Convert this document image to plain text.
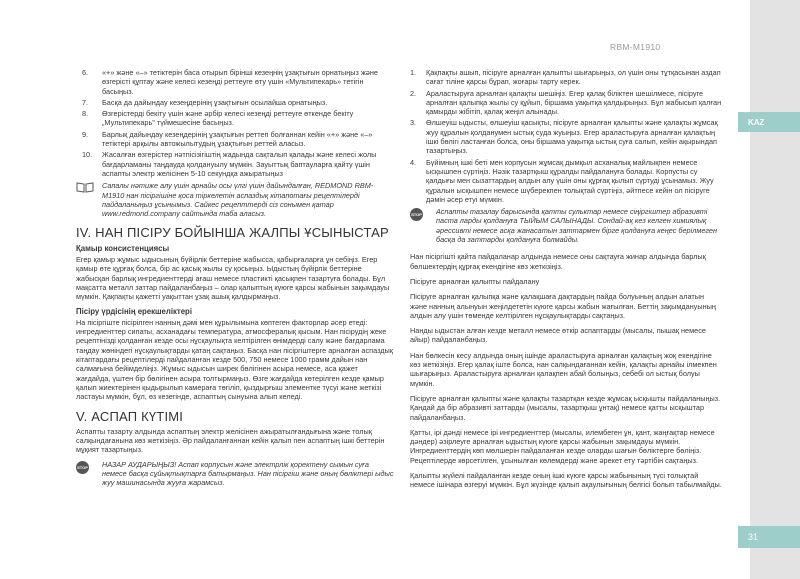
RBM-M1910
KAZ
31
6. «+» және «–» тетіктерін баса отырып бірінші кезеңнің ұзақтығын орнатыңыз және өзгерісті құптау және келесі кезеңді реттеуге өту үшін «Мультипекарь» тетігін басыңыз.
7. Басқа да дайындау кезеңдерінің ұзақтығын осылайша орнатыңыз.
8. Өзгерістерді бекіту үшін және әрбір келесі кезеңді реттеуге өткенде бекіту „Мультипекарь" түймешесіне басыңыз.
9. Барлық дайындау кезеңдерінің ұзақтығын реттеп болғаннан кейін «+» және «–» тетіктері арқылы автожылытудың ұзақтығын реттей аласыз.
10. Жасалған өзгерістер нәтпісізігіштің жадында сақталып қалады және келесі жолы бағдарламаны таңдауда қолдануылу мүмкін. Зауыттық баптауларға қайту үшін аспапты электр желісінен 5-10 секундқа ажыратыңыз
Сапалы нәтиже алу үшін арнайы осы үлгі үшін дайындалған, REDMOND RBM-M1910 нан пісіргішіне қоса тіркелетін аспаздық кітапотағы рецептілерді пайдаланыңыз ұсынымыз. Сайкес рецепттерді сіз сонымен қатар www.redmond.company сайтында таба аласыз.
IV. НАН ПІСІРУ БОЙЫНША ЖАЛПЫ ҰСЫНЫСТАР
Қамыр консистенциясы

Егер қамыр жұмыс ыдысының бүйірлік беттеріне жабысса, қабырғаларға ұн себіңіз. Егер қамыр өте құрғақ болса, бір ас қасық жылы су қосыңыз. Ыдыстың бүйірлік беттеріне жабысқан барлық ингредиенттерді ағаш немесе пластикті қасықпен тазартуға болады. Бұл мақсатта металл заттар пайдаланбаңыз – олар қалыптың күюге қарсы жабынын зақымдауы мүмкін. Қақпақты қажетті уақыттан ұзақ ашық қалдырмаңыз.

Пісіру үрдісінің ерекшеліктері

На пісіргіште пісірілген нанның дәмі мен құрылымына көптеген факторлар әсер етеді: ингредиенттер сипаты, асханадағы температура, атмосфералық қысым. Нан пісірудің жеке рецептінізді қолданған кезде осы нұсқаулықта келтірілген өнімдерді салу және бағдарлама таңдау жөніндегі нұсқаулықтарды қатаң сақтаңыз. Басқа нан пісіргіштерге арналған аспаздық кітаптардағы рецептілерді пайдаланған кезде 500, 750 немесе 1000 грамм дайын нан салмағына бейімделіңіз. Жұмыс ыдысын ширек бөлігінен асыра немесе, аса қажет жағдайда, үштен бір бөлігінен асыра толтырмаңыз. Өзге жағдайда көтерілген кезде қамыр қалып жиектерінен қыдырылып камераға төгіліп, қыздырғыш элементке түсуі және жеткізі ластауы мүмкін, бұл, өз кезегінде, аспаптың сынуына алып келеді.

V. АСПАП КҮТІМІ

Аспапты тазарту алдында аспаптың электр желісінен ажыратылғандығына және толық салқындағанына көз жеткізіңіз. Әр пайдаланғаннан кейін қалып пен аспаптың ішкі беттерін мұқият тазартыңыз.

STOP НАЗАР АУДАРЫҢЫЗ! Аспап корпусын және электрлік қоректену сымын суға немесе басқа сұйықтықтарға батырмаңыз. Нан пісіргіш және оның бөліктері ыдыс жуу машинасында жууға жарамсыз.
1. Қақпақты ашып, пісіруге арналған қалыпты шығарыңыз, ол үшін оны тұтқасынан аздап сағат тіліне қарсы бұрап, жоғары тарту керек.
2. Араластыруға арналған қалақты шешіңіз. Егер қалақ біліктен шешілмесе, пісіруге арналған қалыпқа жылы су құйып, біршама уақытқа қалдырыңыз. Бұл жабысып қалған қамырды жібітіп, қалақ жеңіл алынады.
3. Өлшеуіш ыдысты, өлшеуіш қасықты, пісіруге арналған қалыпты және қалақты жұмсақ жуу құралын қолданумен ыстық суда жуыңыз. Егер араластыруға арналған қалақтың ішкі бөлігі ластанған болса, оны біршама уақытқа ыстық суға салып, кейін ақырындап тазартыңыз.
4. Бүйімның ішкі беті мен корпусын жұмсақ дымқыл асханалық майлықпен немесе ысқышпен сүртіңіз. Нәзік тазартқыш құралды пайдалануға болады. Корпусты су қалдығы мен сызаттардың алдын алу үшін оны құрғақ қылып сүртуді ұсынамыз. Жуу құралын ысқышпен немесе шүберекпен толықтай сүртіңіз, әйтпесе кейін ол пісіруге дәмін әсер етуі мүмкін.
STOP Аспапты тазалау барысында қатты сульктар немесе сіңіргіштер абразивті паста ларды қолдануға ТЫЙЫМ САЛЫНАДЫ. Сондай-ақ кез келген химиялық әрессивті немесе асқа жанасатын заттармен бірге қолдануға кеңес берілмеген басқа да заттарды қолдануға болмайды.

Нан пісіргішті қайта пайдаланар алдында немесе оны сақтауға жинар алдында барлық бөлшектердің құрғақ екендігіне көз жеткізіңіз.

Пісіруге арналған қалыпты пайдалану

Пісіруге арналған қалыпқа және қалақшаға дақтардың пайда болуының алдын алатын және нанның алынуын жеңілдететін күюге қарсы жабын жағылған. Беттің зақымдануының алдын алу үшін төменде келтірілген нұсқаулықтарды сақтаңыз.

Нанды ыдыстан алған кезде металл немесе өткір аспаптарды (мысалы, пышақ немесе айыр) пайдаланбаңыз.

Нан бөлкесін кесу алдында оның ішінде араластыруға арналған қалақтың жоқ екендігіне көз жеткізіңіз. Егер қалақ іште болса, нан салқындағаннан кейін, қалақты арнайы ілмекпен шығарыңыз. Араластыруға арналған қалақпен абай болыңыз, себебі ол ыстық болуы мүмкін.

Пісіруге арналған қалыпты және қалақты тазартқан кезде жұмсақ ысқышты пайдаланыңыз. Қандай да бір абразивті заттарды (мысалы, тазартқыш ұнтақ) немесе қатты ысқыштар пайдаланбаңыз.

Қатты, ірі дәнді немесе ірі ингредиенттер (мысалы, илембеген ұн, қант, жаңғақтар немесе дәндер) әзірлеуге арналған ыдыстың күюге қарсы жабынын зақымдауы мүмкін. Ингредиенттердің көп мөлшерін пайдаланған кезде оларды шағын бөліктерге бөліңіз. Рецептілерде көрсетілген, ұсынылған көлемдерді және әрекет ету тәртібін сақтаңыз.

Қалыпты жүйелі пайдаланған кезде оның ішкі күюге қарсы жабынының түсі толықтай немесе ішінара өзгеруі мүмкін. Бұл жүзінде қалып ақаулығының белгісі болып табылмайды.
